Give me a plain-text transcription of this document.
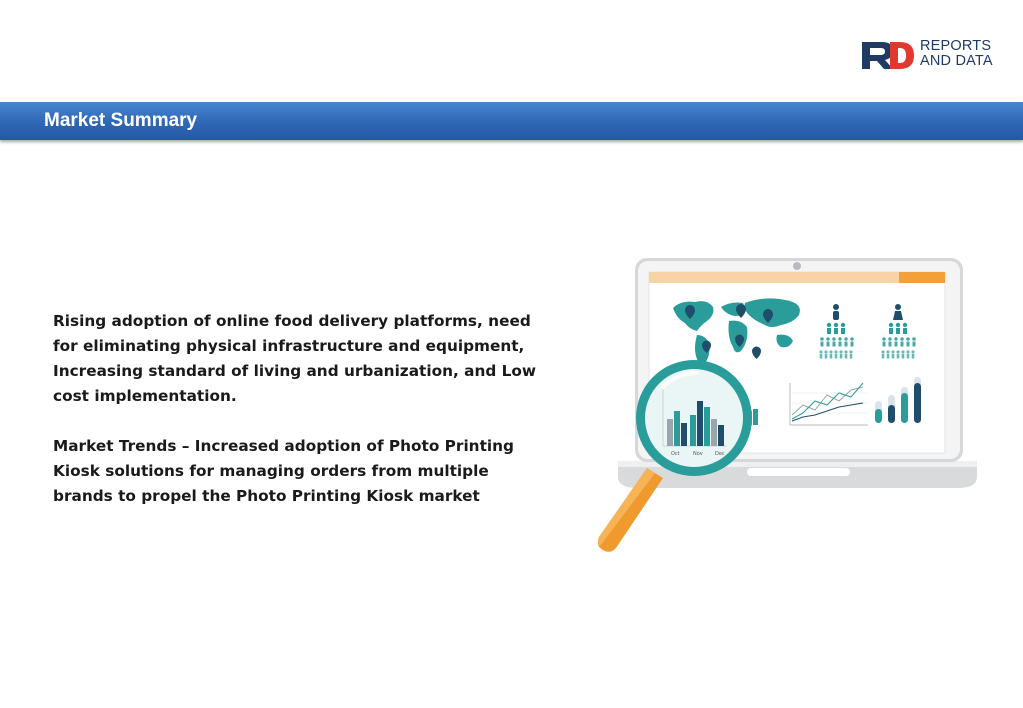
REPORTS
AND DATA
Market Summary

Rising adoption of online food delivery platforms, need for eliminating physical infrastructure and equipment, Increasing standard of living and urbanization, and Low cost implementation.

Market Trends – Increased adoption of Photo Printing Kiosk solutions for managing orders from multiple brands to propel the Photo Printing Kiosk market

Oct	Nov Dec
